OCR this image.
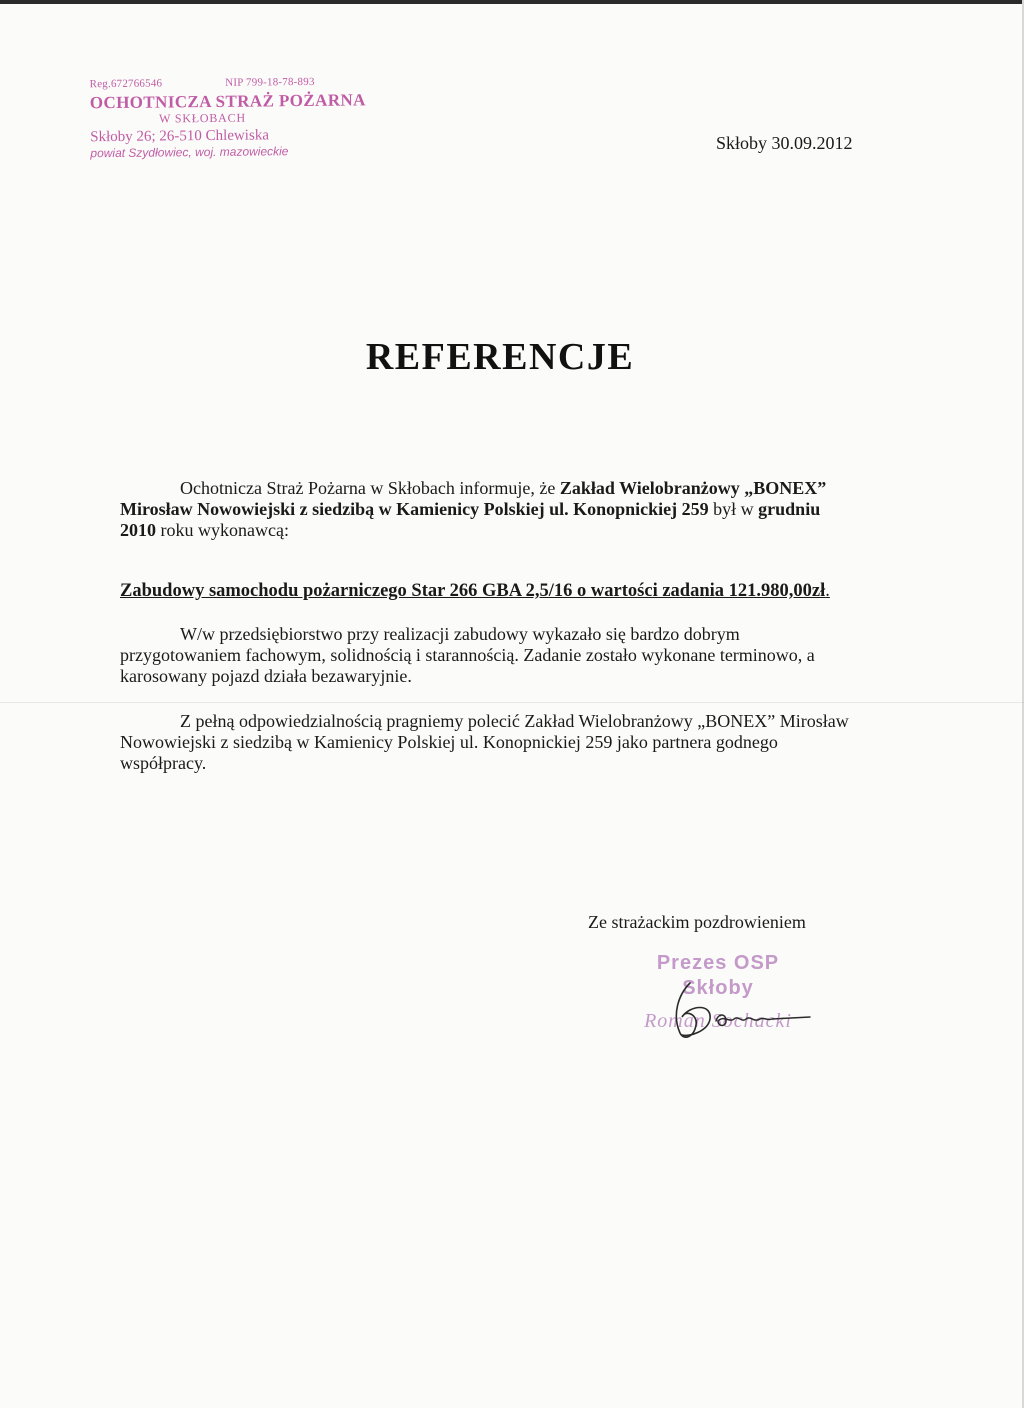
Reg.672766546	NIP 799-18-78-893
OCHOTNICZA STRAŻ POŻARNA
W SKŁOBACH
Skłoby 26; 26-510 Chlewiska
powiat Szydłowiec, woj. mazowieckie	Skłoby 30.09.2012
REFERENCJE

Ochotnicza Straż Pożarna w Skłobach informuje, że Zakład Wielobranżowy „BONEX” Mirosław Nowowiejski z siedzibą w Kamienicy Polskiej ul. Konopnickiej 259 był w grudniu 2010 roku wykonawcą:

Zabudowy samochodu pożarniczego Star 266 GBA 2,5/16 o wartości zadania 121.980,00zł.

W/w przedsiębiorstwo przy realizacji zabudowy wykazało się bardzo dobrym przygotowaniem fachowym, solidnością i starannością. Zadanie zostało wykonane terminowo, a karosowany pojazd działa bezawaryjnie.

Z pełną odpowiedzialnością pragniemy polecić Zakład Wielobranżowy „BONEX” Mirosław Nowowiejski z siedzibą w Kamienicy Polskiej ul. Konopnickiej 259 jako partnera godnego współpracy.

Ze strażackim pozdrowieniem
Prezes OSP
Skłoby
Roman Sochacki
